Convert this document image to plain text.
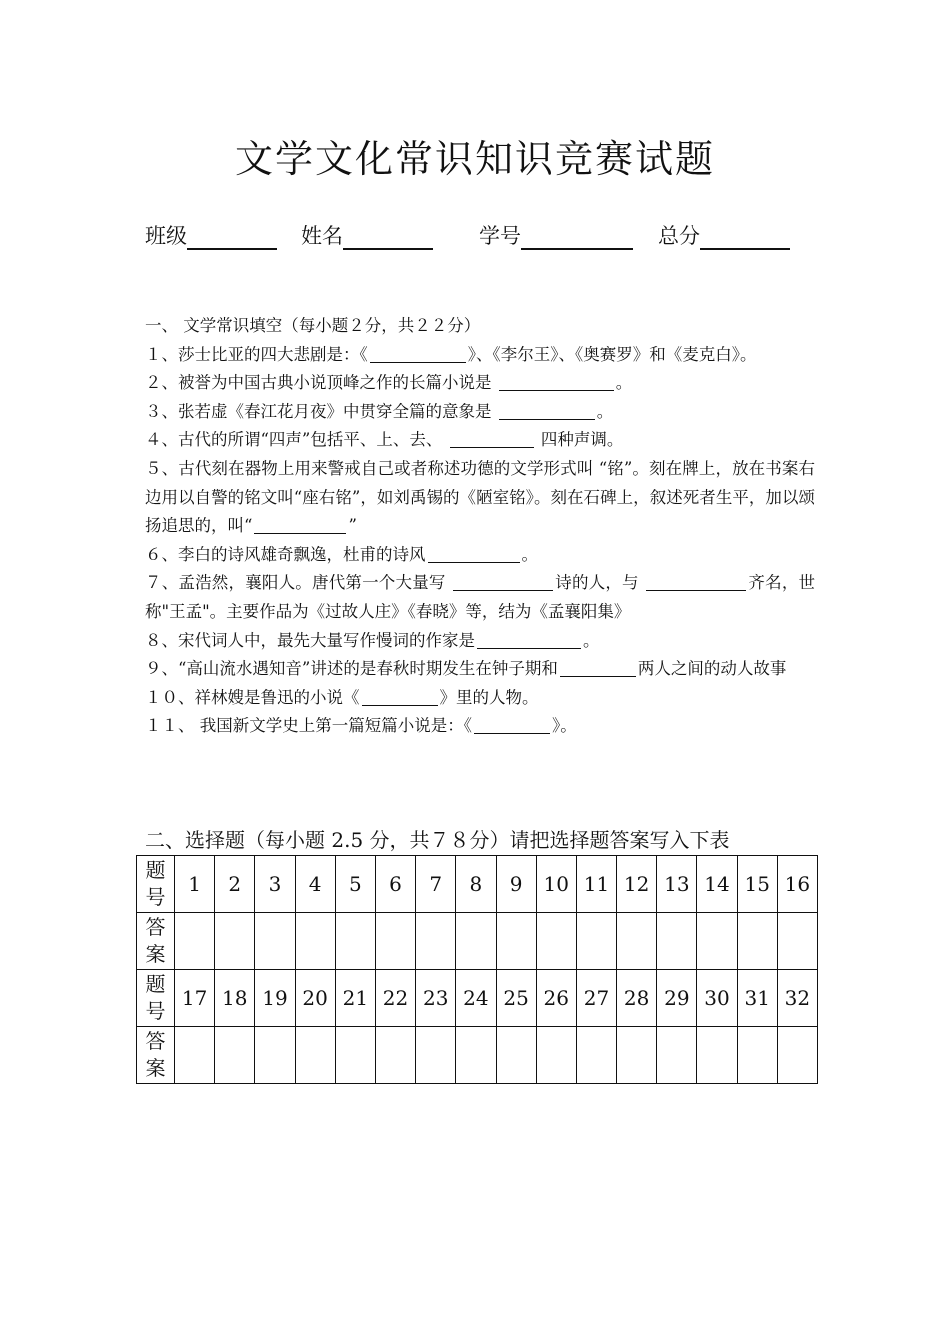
文学文化常识知识竞赛试题
班级	姓名	学号	总分

一、 文学常识填空（每小题２分，共２２分）

１、莎士比亚的四大悲剧是：《	》、《李尔王》、《奥赛罗》和《麦克白》。

２、被誉为中国古典小说顶峰之作的长篇小说是	。

３、张若虚《春江花月夜》中贯穿全篇的意象是	。

４、古代的所谓“四声”包括平、上、去、	四种声调。

５、古代刻在器物上用来警戒自己或者称述功德的文学形式叫 “铭”。刻在牌上，放在书案右边用以自警的铭文叫“座右铭”，如刘禹锡的《陋室铭》。刻在石碑上，叙述死者生平，加以颂扬追思的，叫“	”

６、李白的诗风雄奇飘逸，杜甫的诗风	。

７、孟浩然，襄阳人。唐代第一个大量写	诗的人，与	齐名，世称"王孟"。主要作品为《过故人庄》《春晓》等，结为《孟襄阳集》

８、宋代词人中，最先大量写作慢词的作家是	。

９、“高山流水遇知音”讲述的是春秋时期发生在钟子期和	两人之间的动人故事

１０、祥林嫂是鲁迅的小说《	》里的人物。

１１、 我国新文学史上第一篇短篇小说是：《	》。

二、选择题（每小题 2.5 分，共７８分）请把选择题答案写入下表
题号	1	2	3	4	5	6	7	8	9	10	11	12	13	14	15	16
答案																
题号	17	18	19	20	21	22	23	24	25	26	27	28	29	30	31	32
答案																
